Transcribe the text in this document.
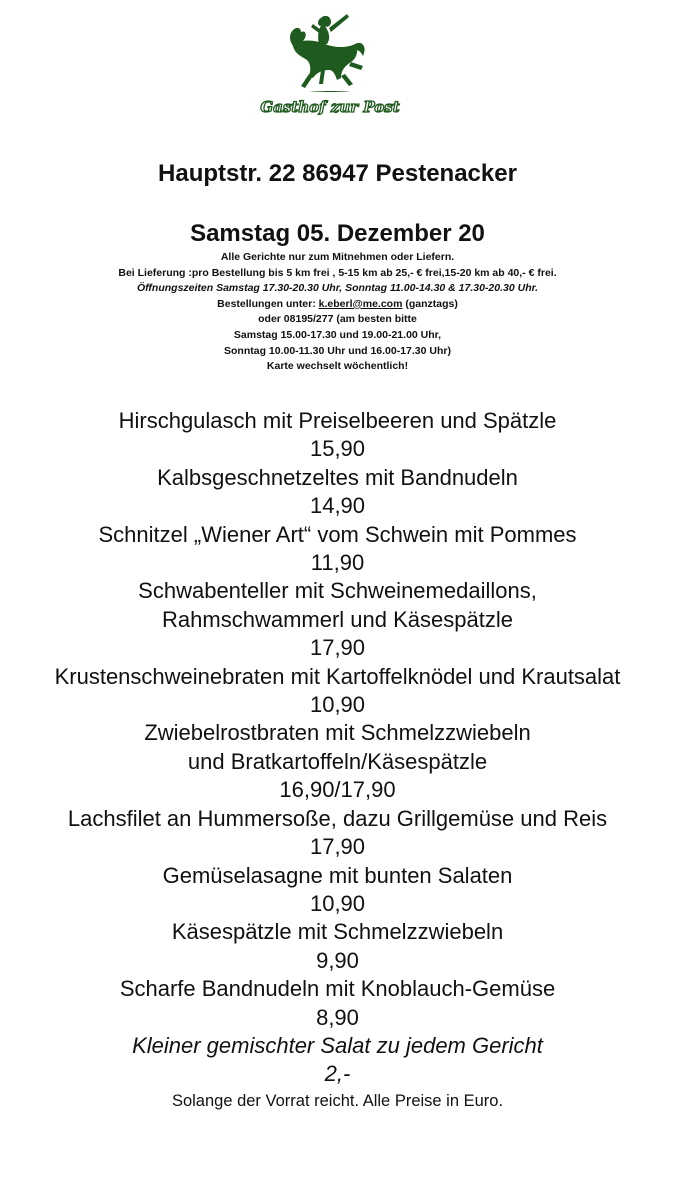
Gasthof zur Post
Hauptstr. 22 86947 Pestenacker
Samstag 05. Dezember 20
Alle Gerichte nur zum Mitnehmen oder Liefern.
Bei Lieferung :pro Bestellung bis 5 km frei , 5-15 km ab 25,- € frei,15-20 km ab 40,- € frei.
Öffnungszeiten Samstag 17.30-20.30 Uhr, Sonntag 11.00-14.30 & 17.30-20.30 Uhr.
Bestellungen unter: k.eberl@me.com (ganztags)
oder 08195/277 (am besten bitte
Samstag 15.00-17.30 und 19.00-21.00 Uhr,
Sonntag 10.00-11.30 Uhr und 16.00-17.30 Uhr)
Karte wechselt wöchentlich!
Hirschgulasch mit Preiselbeeren und Spätzle
15,90
Kalbsgeschnetzeltes mit Bandnudeln
14,90
Schnitzel „Wiener Art“ vom Schwein mit Pommes
11,90
Schwabenteller mit Schweinemedaillons,
Rahmschwammerl und Käsespätzle
17,90
Krustenschweinebraten mit Kartoffelknödel und Krautsalat
10,90
Zwiebelrostbraten mit Schmelzzwiebeln
und Bratkartoffeln/Käsespätzle
16,90/17,90
Lachsfilet an Hummersoße, dazu Grillgemüse und Reis
17,90
Gemüselasagne mit bunten Salaten
10,90
Käsespätzle mit Schmelzzwiebeln
9,90
Scharfe Bandnudeln mit Knoblauch-Gemüse
8,90
Kleiner gemischter Salat zu jedem Gericht
2,-
Solange der Vorrat reicht. Alle Preise in Euro.
